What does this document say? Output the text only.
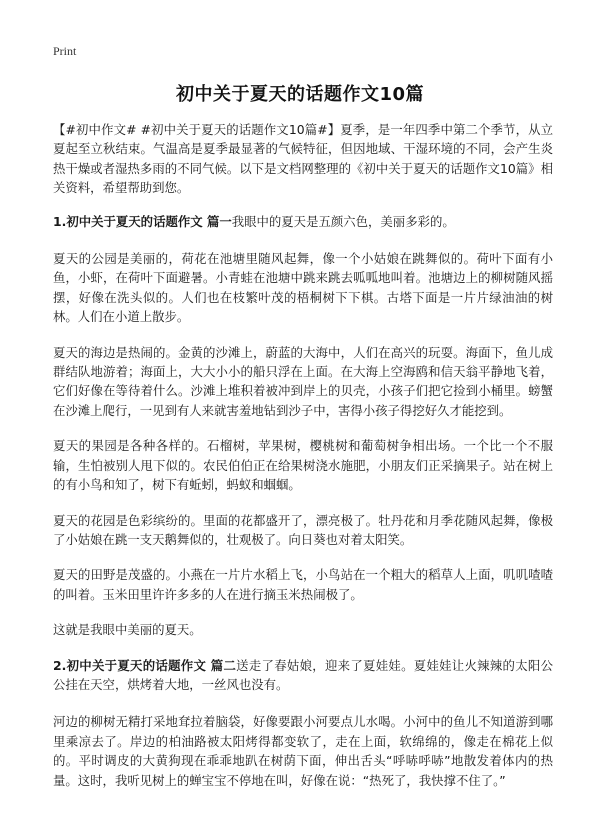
Print
初中关于夏天的话题作文10篇

【#初中作文# #初中关于夏天的话题作文10篇#】夏季，是一年四季中第二个季节，从立夏起至立秋结束。气温高是夏季最显著的气候特征，但因地域、干湿环境的不同，会产生炎热干燥或者湿热多雨的不同气候。以下是文档网整理的《初中关于夏天的话题作文10篇》相关资料，希望帮助到您。

1.初中关于夏天的话题作文 篇一我眼中的夏天是五颜六色，美丽多彩的。

夏天的公园是美丽的，荷花在池塘里随风起舞，像一个小姑娘在跳舞似的。荷叶下面有小鱼，小虾，在荷叶下面避暑。小青蛙在池塘中跳来跳去呱呱地叫着。池塘边上的柳树随风摇摆，好像在洗头似的。人们也在枝繁叶茂的梧桐树下下棋。古塔下面是一片片绿油油的树林。人们在小道上散步。

夏天的海边是热闹的。金黄的沙滩上，蔚蓝的大海中，人们在高兴的玩耍。海面下，鱼儿成群结队地游着；海面上，大大小小的船只浮在上面。在大海上空海鸥和信天翁平静地飞着，它们好像在等待着什么。沙滩上堆积着被冲到岸上的贝壳，小孩子们把它捡到小桶里。螃蟹在沙滩上爬行，一见到有人来就害羞地钻到沙子中，害得小孩子得挖好久才能挖到。

夏天的果园是各种各样的。石榴树，苹果树，樱桃树和葡萄树争相出场。一个比一个不服输，生怕被别人甩下似的。农民伯伯正在给果树浇水施肥，小朋友们正采摘果子。站在树上的有小鸟和知了，树下有蚯蚓，蚂蚁和蝈蝈。

夏天的花园是色彩缤纷的。里面的花都盛开了，漂亮极了。牡丹花和月季花随风起舞，像极了小姑娘在跳一支天鹅舞似的，壮观极了。向日葵也对着太阳笑。

夏天的田野是茂盛的。小燕在一片片水稻上飞，小鸟站在一个粗大的稻草人上面，叽叽喳喳的叫着。玉米田里许许多多的人在进行摘玉米热闹极了。

这就是我眼中美丽的夏天。

2.初中关于夏天的话题作文 篇二送走了春姑娘，迎来了夏娃娃。夏娃娃让火辣辣的太阳公公挂在天空，烘烤着大地，一丝风也没有。

河边的柳树无精打采地耷拉着脑袋，好像要跟小河要点儿水喝。小河中的鱼儿不知道游到哪里乘凉去了。岸边的柏油路被太阳烤得都变软了，走在上面，软绵绵的，像走在棉花上似的。平时调皮的大黄狗现在乖乖地趴在树荫下面，伸出舌头“呼哧呼哧”地散发着体内的热量。这时，我听见树上的蝉宝宝不停地在叫，好像在说：“热死了，我快撑不住了。”
